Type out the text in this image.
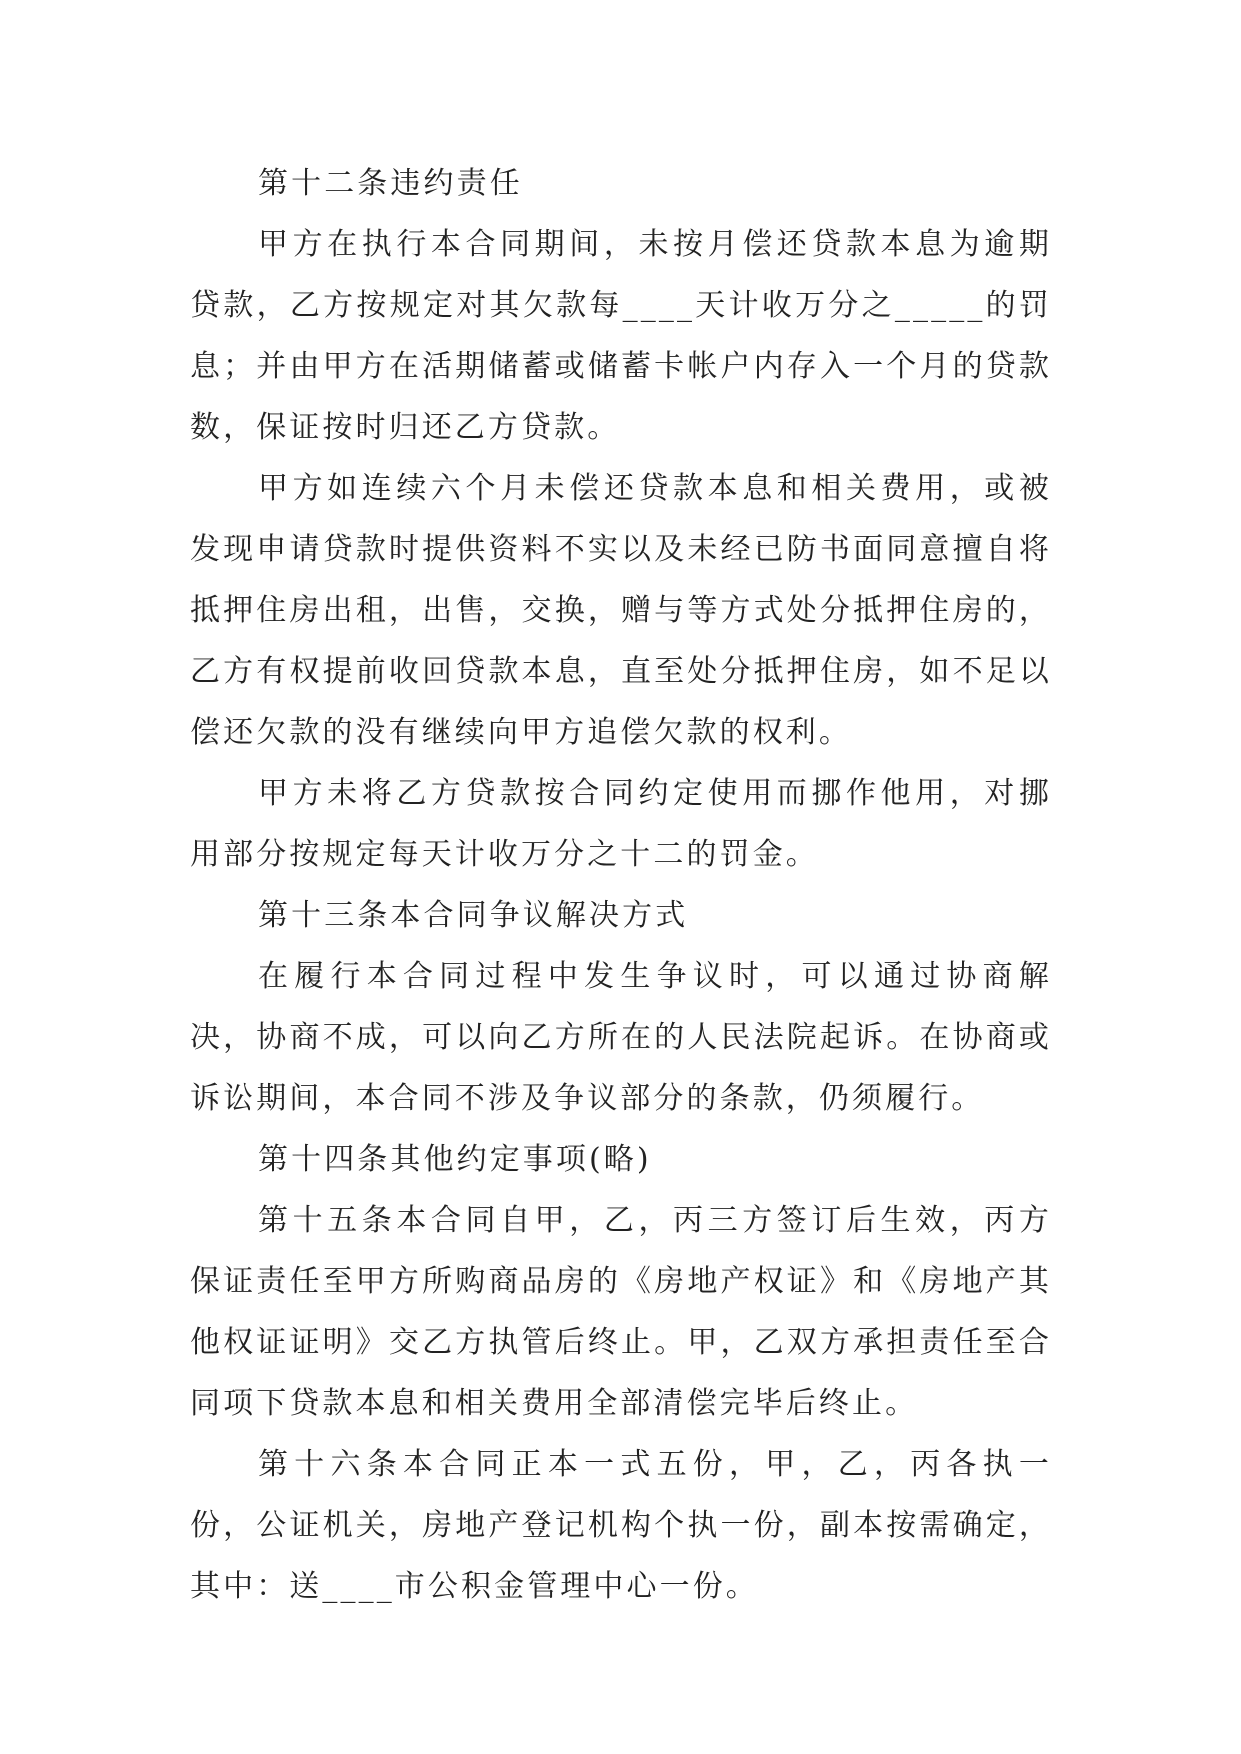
第十二条违约责任

甲方在执行本合同期间，未按月偿还贷款本息为逾期贷款，乙方按规定对其欠款每____天计收万分之_____的罚息；并由甲方在活期储蓄或储蓄卡帐户内存入一个月的贷款数，保证按时归还乙方贷款。

甲方如连续六个月未偿还贷款本息和相关费用，或被发现申请贷款时提供资料不实以及未经已防书面同意擅自将抵押住房出租，出售，交换，赠与等方式处分抵押住房的，乙方有权提前收回贷款本息，直至处分抵押住房，如不足以偿还欠款的没有继续向甲方追偿欠款的权利。

甲方未将乙方贷款按合同约定使用而挪作他用，对挪用部分按规定每天计收万分之十二的罚金。

第十三条本合同争议解决方式

在履行本合同过程中发生争议时，可以通过协商解决，协商不成，可以向乙方所在的人民法院起诉。在协商或诉讼期间，本合同不涉及争议部分的条款，仍须履行。

第十四条其他约定事项(略)

第十五条本合同自甲，乙，丙三方签订后生效，丙方保证责任至甲方所购商品房的《房地产权证》和《房地产其他权证证明》交乙方执管后终止。甲，乙双方承担责任至合同项下贷款本息和相关费用全部清偿完毕后终止。

第十六条本合同正本一式五份，甲，乙，丙各执一份，公证机关，房地产登记机构个执一份，副本按需确定，其中：送____市公积金管理中心一份。
